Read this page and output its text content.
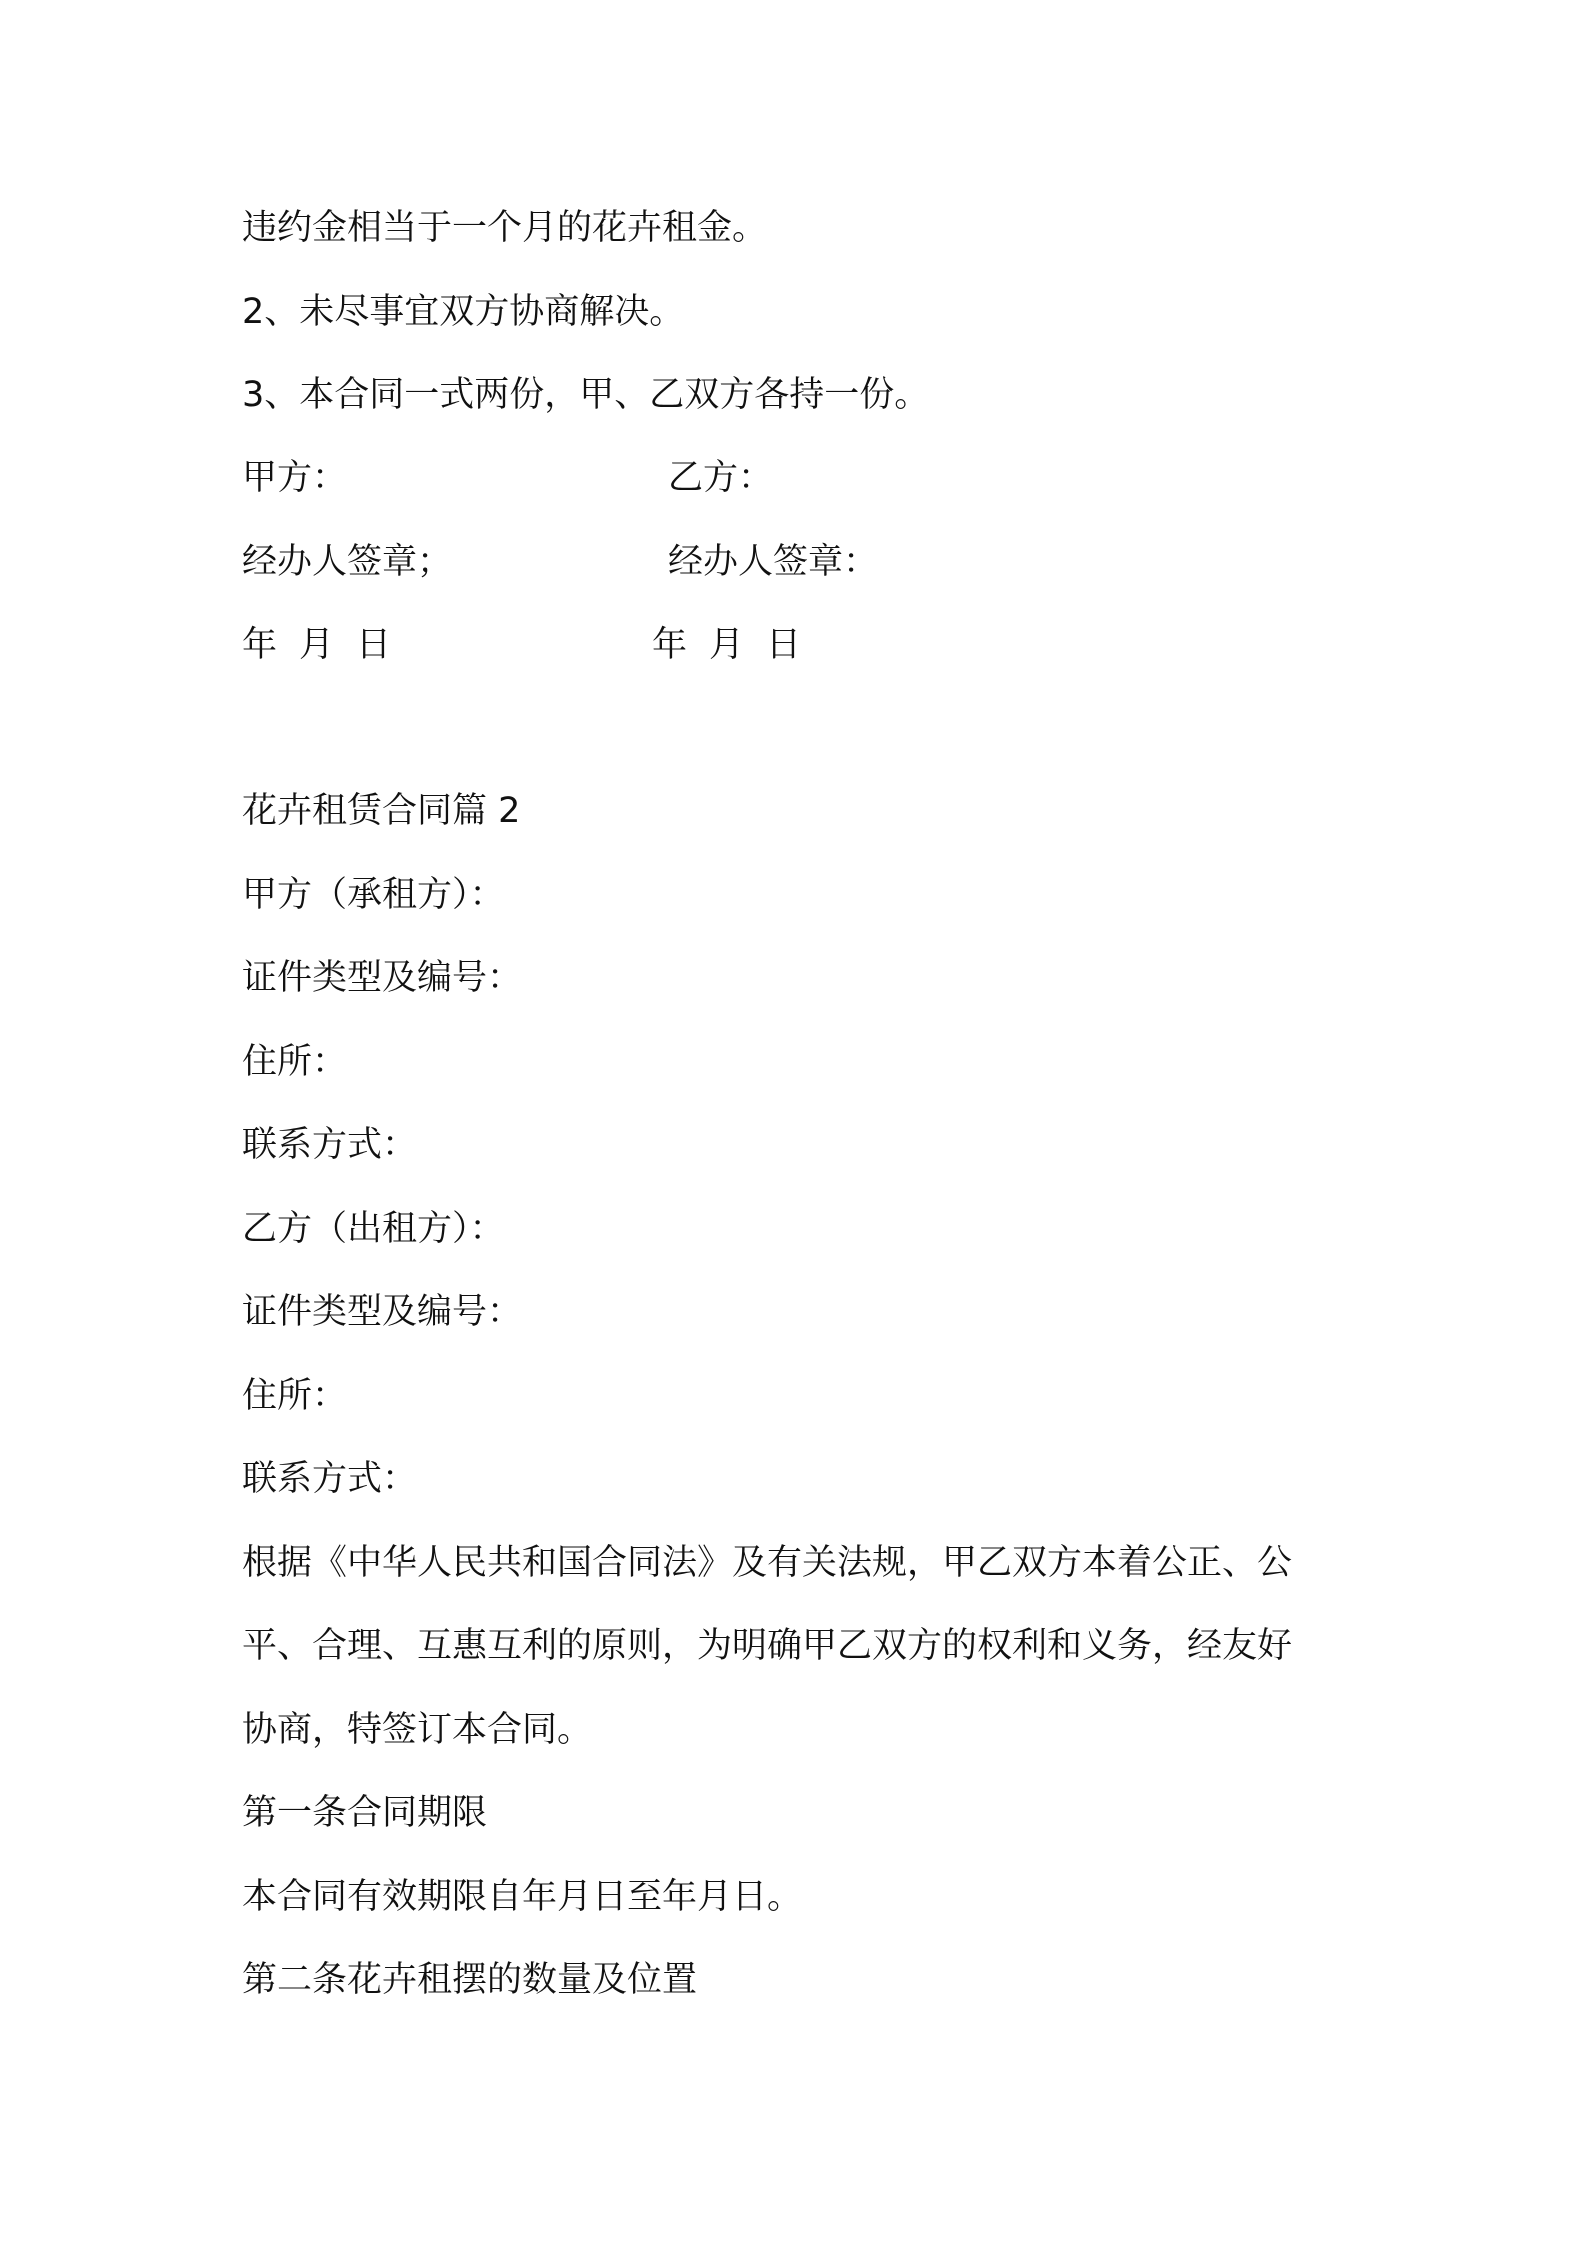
违约金相当于一个月的花卉租金。

2、未尽事宜双方协商解决。

3、本合同一式两份，甲、乙双方各持一份。

甲方：

经办人签章；

年 月 日

乙方：

经办人签章：

年 月 日

花卉租赁合同篇 2

甲方（承租方）：

证件类型及编号：

住所：

联系方式：

乙方（出租方）：

证件类型及编号：

住所：

联系方式：

根据《中华人民共和国合同法》及有关法规，甲乙双方本着公正、公

平、合理、互惠互利的原则，为明确甲乙双方的权利和义务，经友好

协商，特签订本合同。

第一条合同期限

本合同有效期限自年月日至年月日。

第二条花卉租摆的数量及位置
